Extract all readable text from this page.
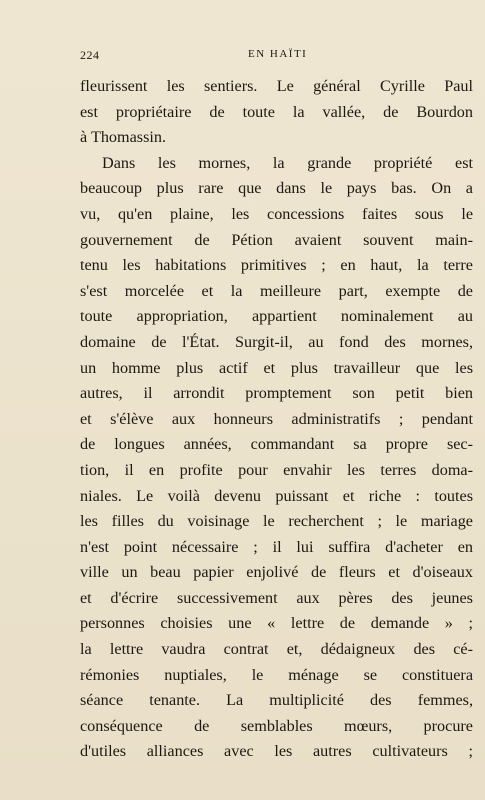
224	EN HAÏTI
fleurissent les sentiers. Le général Cyrille Paul
est propriétaire de toute la vallée, de Bourdon
à Thomassin.
Dans les mornes, la grande propriété est
beaucoup plus rare que dans le pays bas. On a
vu, qu'en plaine, les concessions faites sous le
gouvernement de Pétion avaient souvent main-
tenu les habitations primitives ; en haut, la terre
s'est morcelée et la meilleure part, exempte de
toute appropriation, appartient nominalement au
domaine de l'État. Surgit-il, au fond des mornes,
un homme plus actif et plus travailleur que les
autres, il arrondit promptement son petit bien
et s'élève aux honneurs administratifs ; pendant
de longues années, commandant sa propre sec-
tion, il en profite pour envahir les terres doma-
niales. Le voilà devenu puissant et riche : toutes
les filles du voisinage le recherchent ; le mariage
n'est point nécessaire ; il lui suffira d'acheter en
ville un beau papier enjolivé de fleurs et d'oiseaux
et d'écrire successivement aux pères des jeunes
personnes choisies une « lettre de demande » ;
la lettre vaudra contrat et, dédaigneux des cé-
rémonies nuptiales, le ménage se constituera
séance tenante. La multiplicité des femmes,
conséquence de semblables mœurs, procure
d'utiles alliances avec les autres cultivateurs ;
